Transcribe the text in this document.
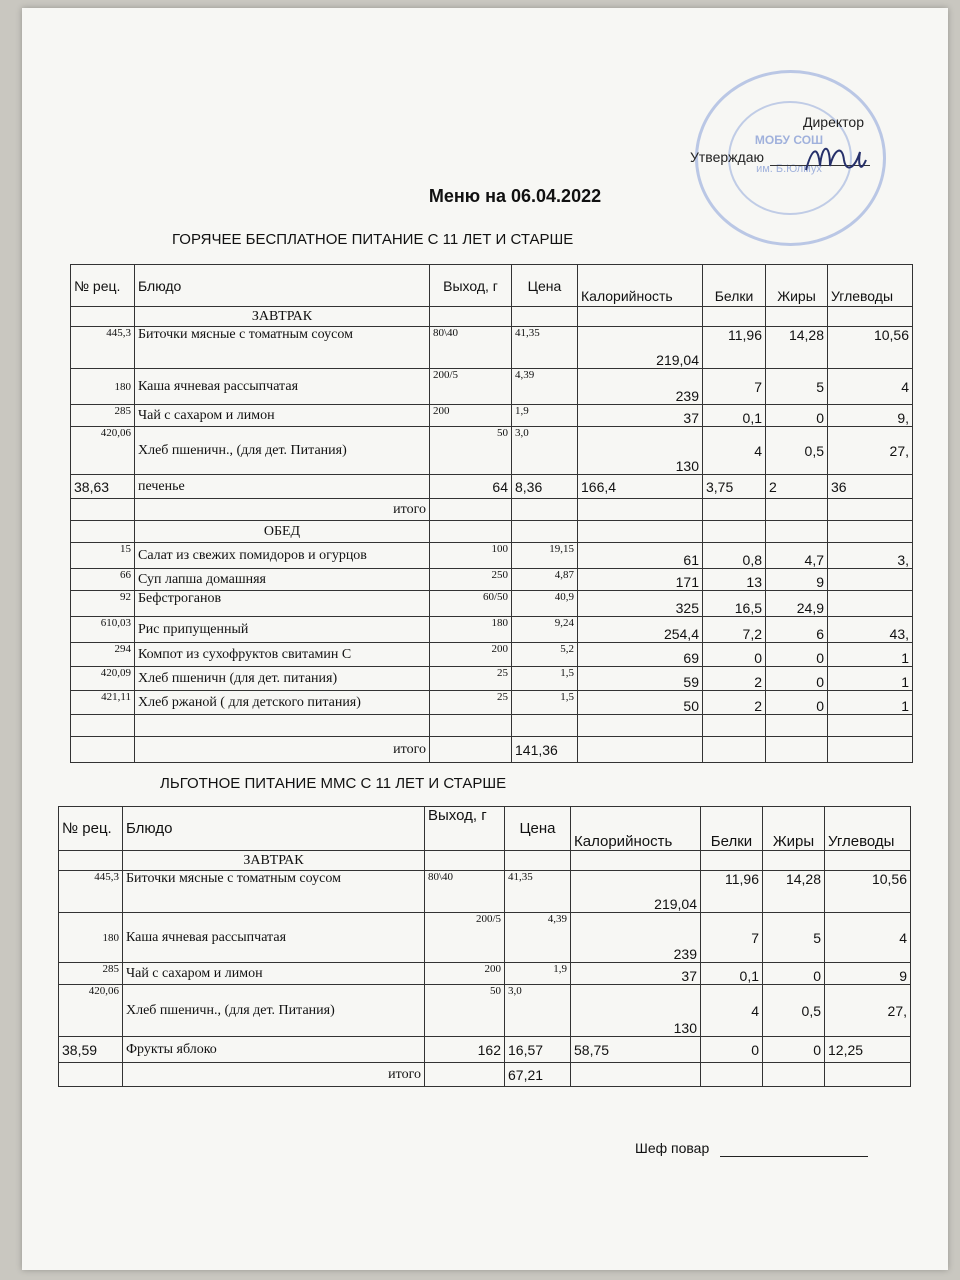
МОБУ СОШ
им. Б.Юлмух
Директор
Утверждаю
Меню на 06.04.2022
ГОРЯЧЕЕ БЕСПЛАТНОЕ ПИТАНИЕ С 11 ЛЕТ И СТАРШЕ
№ рец.	Блюдо	Выход, г	Цена	Калорийность	Белки	Жиры	Углеводы
	ЗАВТРАК						
445,3	Биточки мясные с томатным соусом	80\40	41,35	219,04	11,96	14,28	10,56
180	Каша ячневая рассыпчатая	200/5	4,39	239	7	5	4
285	Чай с сахаром и лимон	200	1,9	37	0,1	0	9,
420,06	Хлеб пшеничн., (для дет. Питания)	50	3,0	130	4	0,5	27,
38,63	печенье	64	8,36	166,4	3,75	2	36
	итого						
	ОБЕД						
15	Салат из свежих помидоров и огурцов	100	19,15	61	0,8	4,7	3,
66	Суп лапша домашняя	250	4,87	171	13	9	
92	Бефстроганов	60/50	40,9	325	16,5	24,9	
610,03	Рис припущенный	180	9,24	254,4	7,2	6	43,
294	Компот из сухофруктов свитамин С	200	5,2	69	0	0	1
420,09	Хлеб пшеничн (для дет. питания)	25	1,5	59	2	0	1
421,11	Хлеб ржаной ( для детского питания)	25	1,5	50	2	0	1

	итого		141,36				
ЛЬГОТНОЕ ПИТАНИЕ ММС С 11 ЛЕТ И СТАРШЕ
№ рец.	Блюдо	Выход, г	Цена	Калорийность	Белки	Жиры	Углеводы
	ЗАВТРАК						
445,3	Биточки мясные с томатным соусом	80\40	41,35	219,04	11,96	14,28	10,56
180	Каша ячневая рассыпчатая	200/5	4,39	239	7	5	4
285	Чай с сахаром и лимон	200	1,9	37	0,1	0	9
420,06	Хлеб пшеничн., (для дет. Питания)	50	3,0	130	4	0,5	27,
38,59	Фрукты яблоко	162	16,57	58,75	0	0	12,25
	итого		67,21				
Шеф повар
